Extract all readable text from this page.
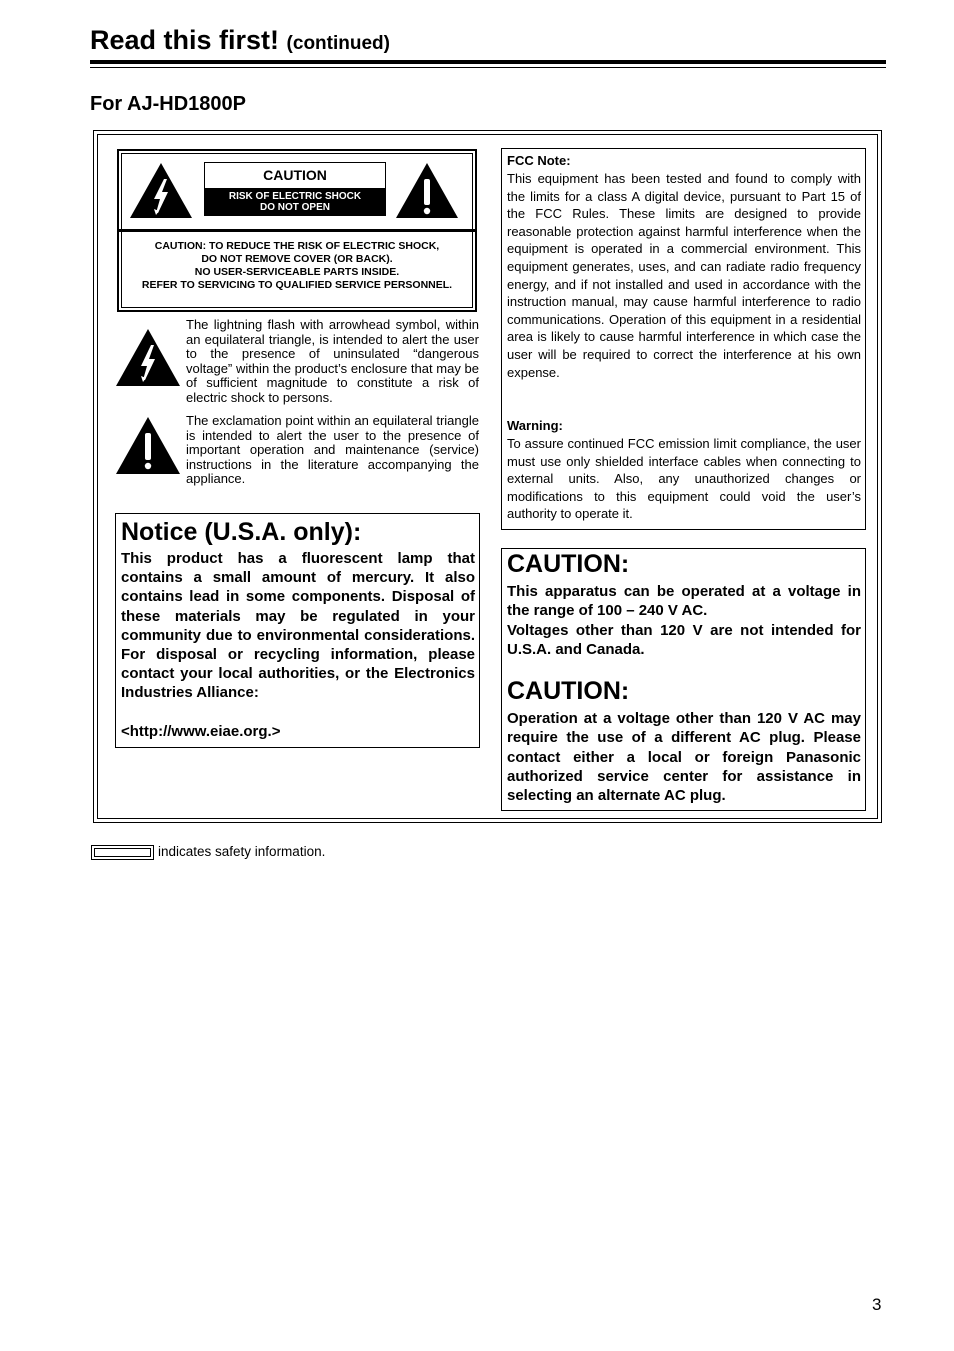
Read this first! (continued)
For AJ-HD1800P
CAUTION
RISK OF ELECTRIC SHOCK
DO NOT OPEN
CAUTION: TO REDUCE THE RISK OF ELECTRIC SHOCK,
DO NOT REMOVE COVER (OR BACK).
NO USER-SERVICEABLE PARTS INSIDE.
REFER TO SERVICING TO QUALIFIED SERVICE PERSONNEL.
The lightning flash with arrowhead symbol, within an equilateral triangle, is intended to alert the user to the presence of uninsulated “dangerous voltage” within the product’s enclosure that may be of sufficient magnitude to constitute a risk of electric shock to persons.
The exclamation point within an equilateral triangle is intended to alert the user to the presence of important operation and maintenance (service) instructions in the literature accompanying the appliance.
Notice (U.S.A. only):
This product has a fluorescent lamp that contains a small amount of mercury. It also contains lead in some components. Disposal of these materials may be regulated in your community due to environmental considerations. For disposal or recycling information, please contact your local authorities, or the Electronics Industries Alliance:
<http://www.eiae.org.>
FCC Note:
This equipment has been tested and found to comply with the limits for a class A digital device, pursuant to Part 15 of the FCC Rules. These limits are designed to provide reasonable protection against harmful interference when the equipment is operated in a commercial environment. This equipment generates, uses, and can radiate radio frequency energy, and if not installed and used in accordance with the instruction manual, may cause harmful interference to radio communications. Operation of this equipment in a residential area is likely to cause harmful interference in which case the user will be required to correct the interference at his own expense.
Warning:
To assure continued FCC emission limit compliance, the user must use only shielded interface cables when connecting to external units. Also, any unauthorized changes or modifications to this equipment could void the user’s authority to operate it.
CAUTION:
This apparatus can be operated at a voltage in the range of 100 – 240 V AC.
Voltages other than 120 V are not intended for U.S.A. and Canada.
CAUTION:
Operation at a voltage other than 120 V AC may require the use of a different AC plug. Please contact either a local or foreign Panasonic authorized service center for assistance in selecting an alternate AC plug.
indicates safety information.
3
